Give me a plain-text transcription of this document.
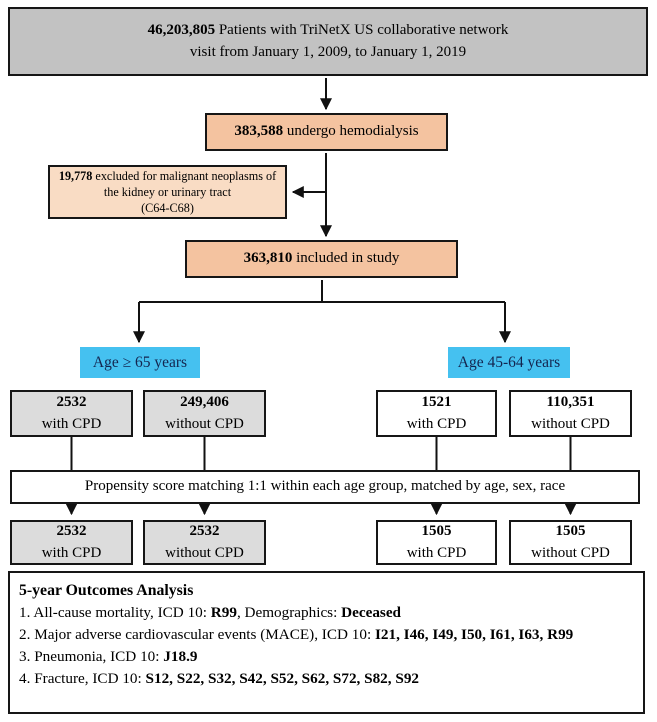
46,203,805 Patients with TriNetX US collaborative network
visit from January 1, 2009, to January 1, 2019
383,588 undergo hemodialysis
19,778 excluded for malignant neoplasms of
the kidney or urinary tract
(C64-C68)
363,810 included in study
Age ≥ 65 years	Age 45-64 years
2532
with CPD
249,406
without CPD
1521
with CPD
110,351
without CPD
Propensity score matching 1:1 within each age group, matched by age, sex, race
2532
with CPD
2532
without CPD
1505
with CPD
1505
without CPD
5-year Outcomes Analysis
1. All-cause mortality, ICD 10: R99, Demographics: Deceased
2. Major adverse cardiovascular events (MACE), ICD 10: I21, I46, I49, I50, I61, I63, R99
3. Pneumonia, ICD 10: J18.9
4. Fracture, ICD 10: S12, S22, S32, S42, S52, S62, S72, S82, S92
